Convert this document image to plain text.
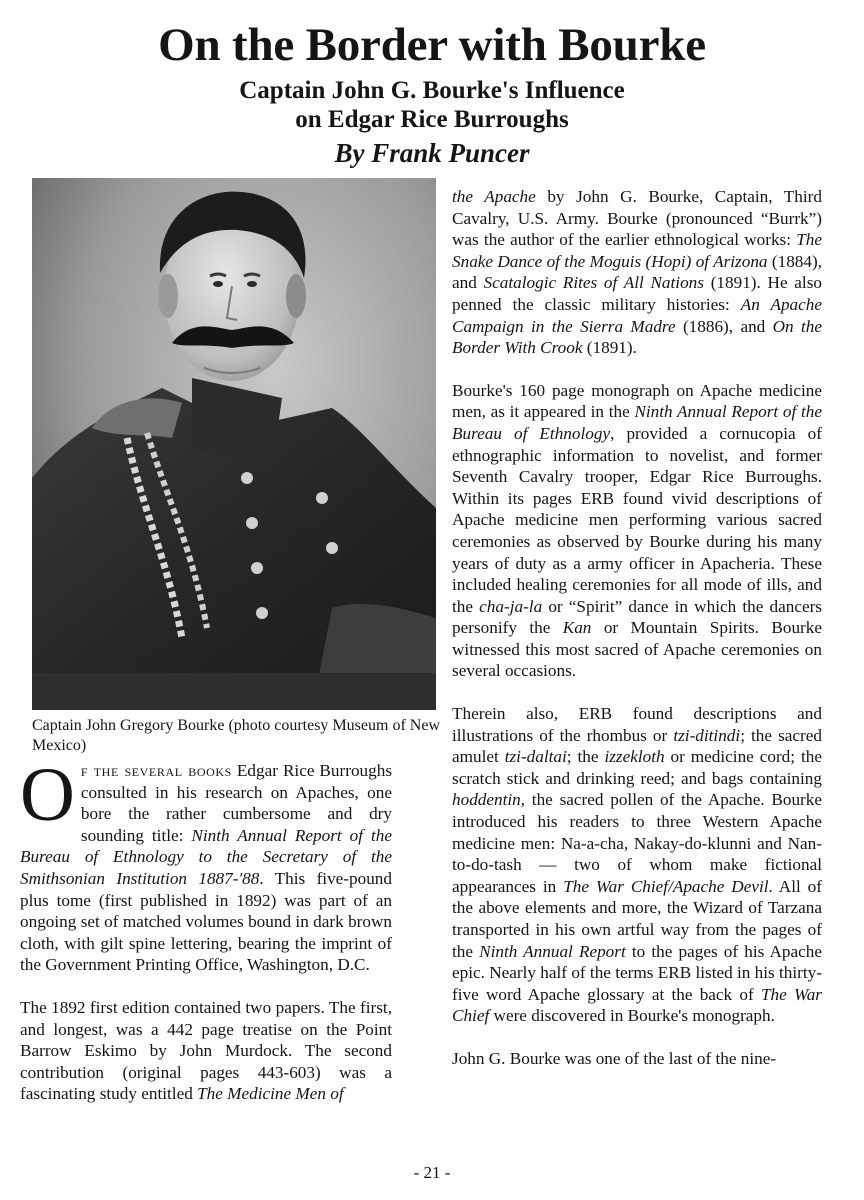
On the Border with Bourke
Captain John G. Bourke's Influence
on Edgar Rice Burroughs
By Frank Puncer
Captain John Gregory Bourke (photo courtesy Museum of New Mexico)

Of the several books Edgar Rice Burroughs consulted in his research on Apaches, one bore the rather cumbersome and dry sounding title: Ninth Annual Report of the Bureau of Ethnology to the Secretary of the Smithsonian Institution 1887-'88. This five-pound plus tome (first published in 1892) was part of an ongoing set of matched volumes bound in dark brown cloth, with gilt spine lettering, bearing the imprint of the Government Printing Office, Washington, D.C.

The 1892 first edition contained two papers. The first, and longest, was a 442 page treatise on the Point Barrow Eskimo by John Murdock. The second contribution (original pages 443-603) was a fascinating study entitled The Medicine Men of

the Apache by John G. Bourke, Captain, Third Cavalry, U.S. Army. Bourke (pronounced “Burrk”) was the author of the earlier ethnological works: The Snake Dance of the Moguis (Hopi) of Arizona (1884), and Scatalogic Rites of All Nations (1891). He also penned the classic military histories: An Apache Campaign in the Sierra Madre (1886), and On the Border With Crook (1891).

Bourke's 160 page monograph on Apache medicine men, as it appeared in the Ninth Annual Report of the Bureau of Ethnology, provided a cornucopia of ethnographic information to novelist, and former Seventh Cavalry trooper, Edgar Rice Burroughs. Within its pages ERB found vivid descriptions of Apache medicine men performing various sacred ceremonies as observed by Bourke during his many years of duty as a army officer in Apacheria. These included healing ceremonies for all mode of ills, and the cha-ja-la or “Spirit” dance in which the dancers personify the Kan or Mountain Spirits. Bourke witnessed this most sacred of Apache ceremonies on several occasions.

Therein also, ERB found descriptions and illustrations of the rhombus or tzi-ditindi; the sacred amulet tzi-daltai; the izzekloth or medicine cord; the scratch stick and drinking reed; and bags containing hoddentin, the sacred pollen of the Apache. Bourke introduced his readers to three Western Apache medicine men: Na-a-cha, Nakay-do-klunni and Nan-to-do-tash — two of whom make fictional appearances in The War Chief/Apache Devil. All of the above elements and more, the Wizard of Tarzana transported in his own artful way from the pages of the Ninth Annual Report to the pages of his Apache epic. Nearly half of the terms ERB listed in his thirty-five word Apache glossary at the back of The War Chief were discovered in Bourke's monograph.

John G. Bourke was one of the last of the nine-

- 21 -
